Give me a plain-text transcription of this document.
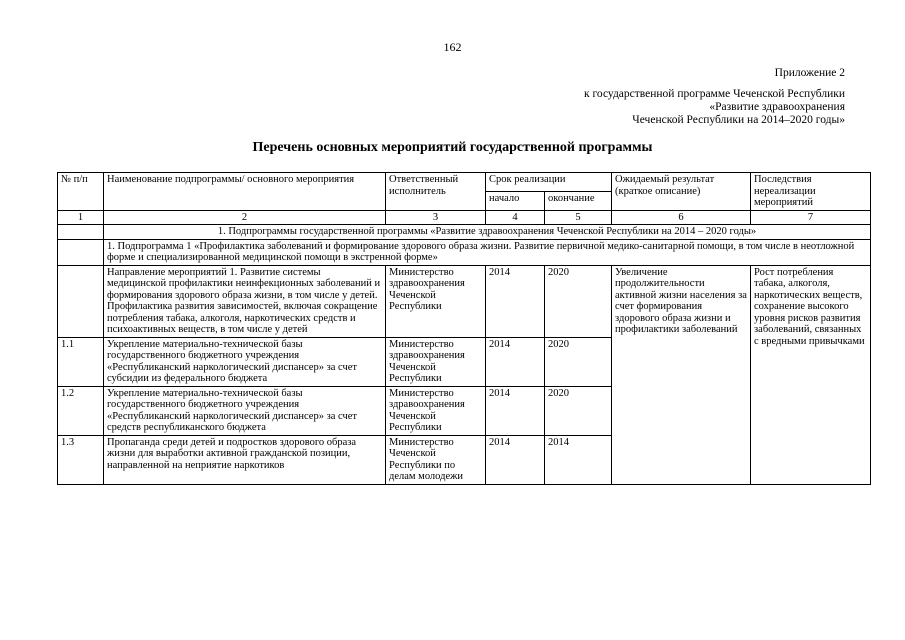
162
Приложение 2
к государственной программе Чеченской Республики
«Развитие здравоохранения
Чеченской Республики на 2014–2020 годы»
Перечень основных мероприятий государственной программы
№ п/п	Наименование подпрограммы/ основного мероприятия	Ответственный исполнитель	Срок реализации		Ожидаемый результат (краткое описание)	Последствия нереализации мероприятий
			начало	окончание		
1	2	3	4	5	6	7
	1. Подпрограммы государственной программы «Развитие здравоохранения Чеченской Республики на 2014 – 2020 годы»					
	1. Подпрограмма 1 «Профилактика заболеваний и формирование здорового образа жизни. Развитие первичной медико-санитарной помощи, в том числе в неотложной форме и специализированной медицинской помощи в экстренной форме»					
	Направление мероприятий 1. Развитие системы медицинской профилактики неинфекционных заболеваний и формирования здорового образа жизни, в том числе у детей. Профилактика развития зависимостей, включая сокращение потребления табака, алкоголя, наркотических средств и психоактивных веществ, в том числе у детей	Министерство здравоохранения Чеченской Республики	2014	2020	Увеличение продолжительности активной жизни населения за счет формирования здорового образа жизни и профилактики заболеваний	Рост потребления табака, алкоголя, наркотических веществ, сохранение высокого уровня рисков развития заболеваний, связанных с вредными привычками
1.1	Укрепление материально-технической базы государственного бюджетного учреждения «Республиканский наркологический диспансер» за счет субсидии из федерального бюджета	Министерство здравоохранения Чеченской Республики	2014	2020		
1.2	Укрепление материально-технической базы государственного бюджетного учреждения «Республиканский наркологический диспансер» за счет средств республиканского бюджета	Министерство здравоохранения Чеченской Республики	2014	2020		
1.3	Пропаганда среди детей и подростков здорового образа жизни для выработки активной гражданской позиции, направленной на неприятие наркотиков	Министерство Чеченской Республики по делам молодежи	2014	2014		
